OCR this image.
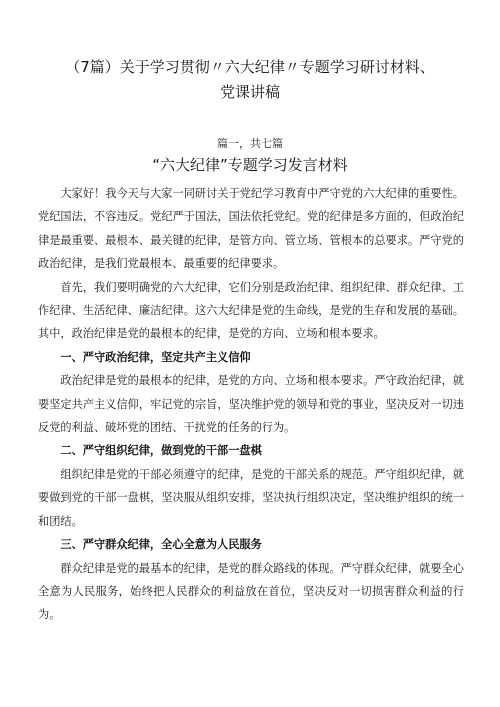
（7篇）关于学习贯彻〃六大纪律〃专题学习研讨材料、
党课讲稿
篇一，共七篇
“六大纪律”专题学习发言材料

大家好！我今天与大家一同研讨关于党纪学习教育中严守党的六大纪律的重要性。党纪国法，不容违反。党纪严于国法，国法依托党纪。党的纪律是多方面的，但政治纪律是最重要、最根本、最关键的纪律，是管方向、管立场、管根本的总要求。严守党的政治纪律，是我们党最根本、最重要的纪律要求。

首先，我们要明确党的六大纪律，它们分别是政治纪律、组织纪律、群众纪律、工作纪律、生活纪律、廉洁纪律。这六大纪律是党的生命线，是党的生存和发展的基础。其中，政治纪律是党的最根本的纪律，是党的方向、立场和根本要求。

一、严守政治纪律，坚定共产主义信仰

政治纪律是党的最根本的纪律，是党的方向、立场和根本要求。严守政治纪律，就要坚定共产主义信仰，牢记党的宗旨，坚决维护党的领导和党的事业，坚决反对一切违反党的利益、破坏党的团结、干扰党的任务的行为。

二、严守组织纪律，做到党的干部一盘棋

组织纪律是党的干部必须遵守的纪律，是党的干部关系的规范。严守组织纪律，就要做到党的干部一盘棋，坚决服从组织安排，坚决执行组织决定，坚决维护组织的统一和团结。

三、严守群众纪律，全心全意为人民服务

群众纪律是党的最基本的纪律，是党的群众路线的体现。严守群众纪律，就要全心全意为人民服务，始终把人民群众的利益放在首位，坚决反对一切损害群众利益的行为。
